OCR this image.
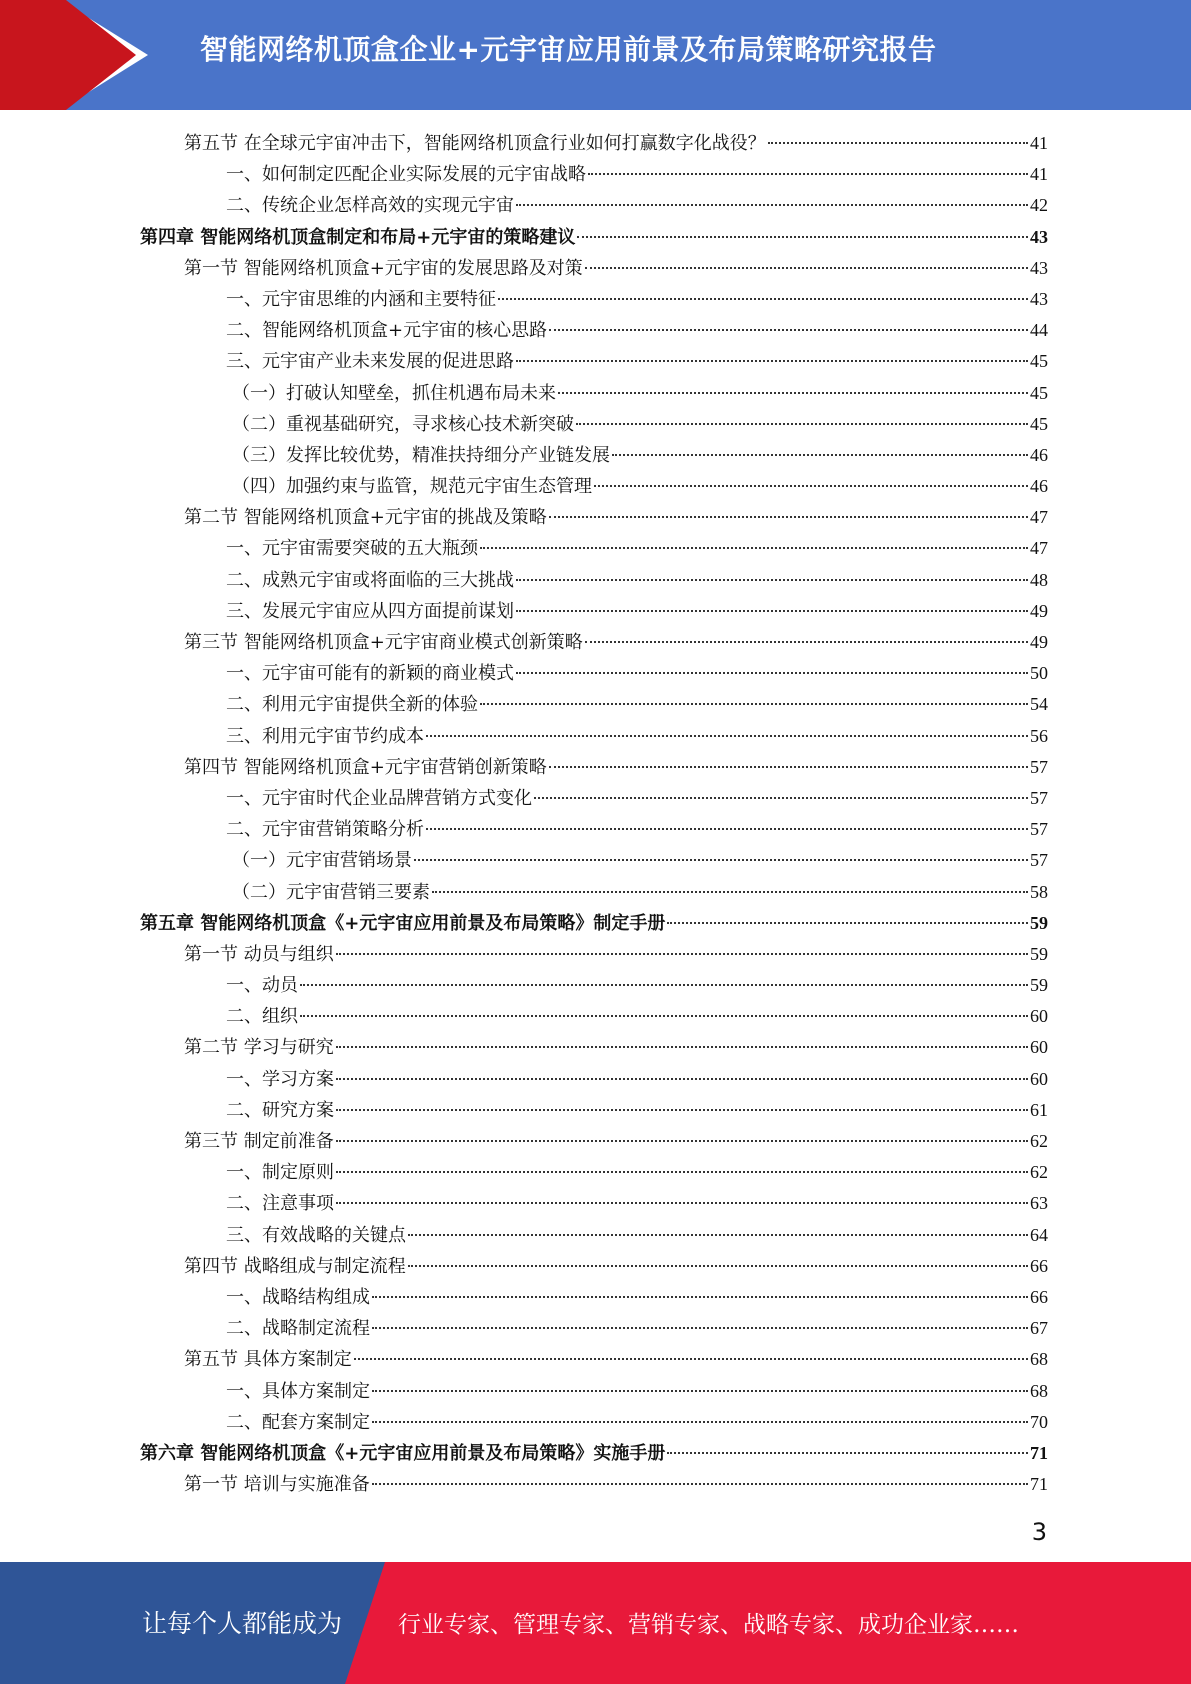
智能网络机顶盒企业+元宇宙应用前景及布局策略研究报告
第五节 在全球元宇宙冲击下，智能网络机顶盒行业如何打赢数字化战役？	41
一、如何制定匹配企业实际发展的元宇宙战略	41
二、传统企业怎样高效的实现元宇宙	42
第四章 智能网络机顶盒制定和布局+元宇宙的策略建议	43
第一节 智能网络机顶盒+元宇宙的发展思路及对策	43
一、元宇宙思维的内涵和主要特征	43
二、智能网络机顶盒+元宇宙的核心思路	44
三、元宇宙产业未来发展的促进思路	45
（一）打破认知壁垒，抓住机遇布局未来	45
（二）重视基础研究，寻求核心技术新突破	45
（三）发挥比较优势，精准扶持细分产业链发展	46
（四）加强约束与监管，规范元宇宙生态管理	46
第二节 智能网络机顶盒+元宇宙的挑战及策略	47
一、元宇宙需要突破的五大瓶颈	47
二、成熟元宇宙或将面临的三大挑战	48
三、发展元宇宙应从四方面提前谋划	49
第三节 智能网络机顶盒+元宇宙商业模式创新策略	49
一、元宇宙可能有的新颖的商业模式	50
二、利用元宇宙提供全新的体验	54
三、利用元宇宙节约成本	56
第四节 智能网络机顶盒+元宇宙营销创新策略	57
一、元宇宙时代企业品牌营销方式变化	57
二、元宇宙营销策略分析	57
（一）元宇宙营销场景	57
（二）元宇宙营销三要素	58
第五章 智能网络机顶盒《+元宇宙应用前景及布局策略》制定手册	59
第一节 动员与组织	59
一、动员	59
二、组织	60
第二节 学习与研究	60
一、学习方案	60
二、研究方案	61
第三节 制定前准备	62
一、制定原则	62
二、注意事项	63
三、有效战略的关键点	64
第四节 战略组成与制定流程	66
一、战略结构组成	66
二、战略制定流程	67
第五节 具体方案制定	68
一、具体方案制定	68
二、配套方案制定	70
第六章 智能网络机顶盒《+元宇宙应用前景及布局策略》实施手册	71
第一节 培训与实施准备	71
3
让每个人都能成为 行业专家、管理专家、营销专家、战略专家、成功企业家……
